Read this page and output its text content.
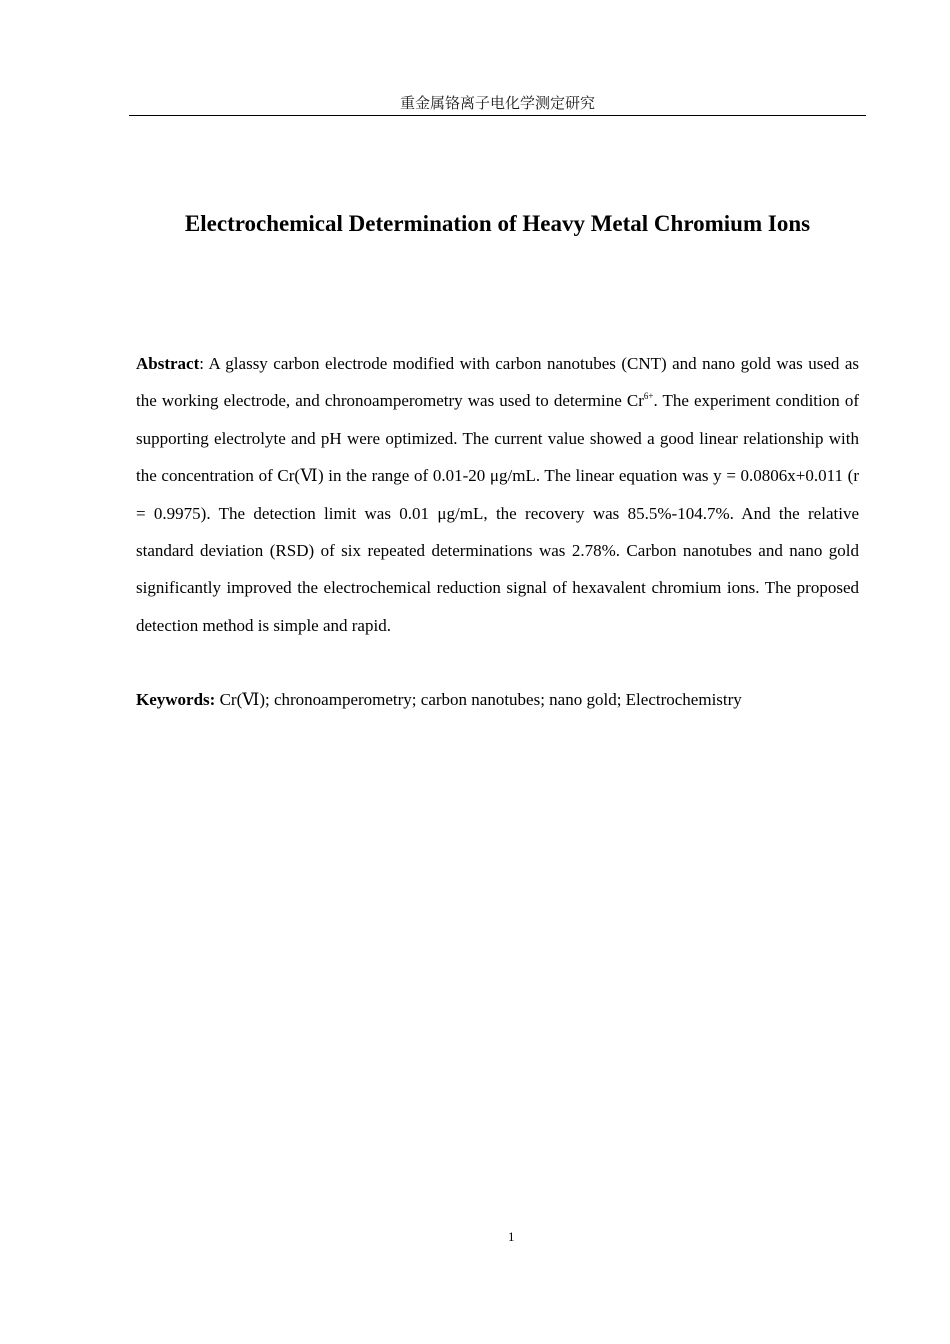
重金属铬离子电化学测定研究
Electrochemical Determination of Heavy Metal Chromium Ions

Abstract: A glassy carbon electrode modified with carbon nanotubes (CNT) and nano gold was used as the working electrode, and chronoamperometry was used to determine $Cr^{6+}$. The experiment condition of supporting electrolyte and pH were optimized. The current value showed a good linear relationship with the concentration of Cr(Ⅵ) in the range of 0.01-20 μg/mL. The linear equation was y = 0.0806x+0.011 (r = 0.9975). The detection limit was 0.01 μg/mL, the recovery was 85.5%-104.7%. And the relative standard deviation (RSD) of six repeated determinations was 2.78%. Carbon nanotubes and nano gold significantly improved the electrochemical reduction signal of hexavalent chromium ions. The proposed detection method is simple and rapid.

Keywords: Cr(Ⅵ); chronoamperometry; carbon nanotubes; nano gold; Electrochemistry

1
